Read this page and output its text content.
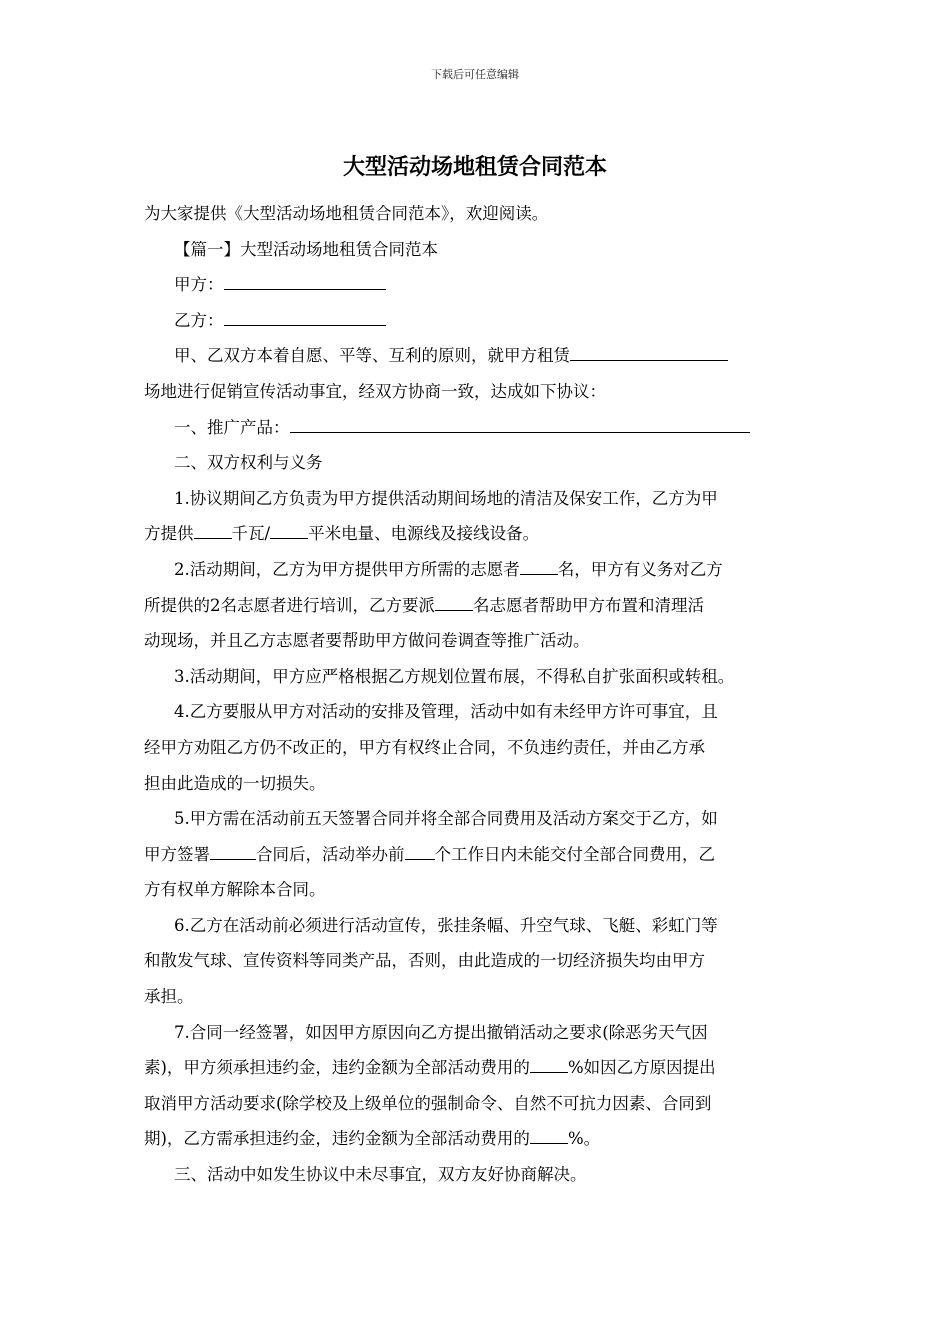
下载后可任意编辑
大型活动场地租赁合同范本

为大家提供《大型活动场地租赁合同范本》，欢迎阅读。

【篇一】大型活动场地租赁合同范本

甲方：

乙方：

甲、乙双方本着自愿、平等、互利的原则，就甲方租赁

场地进行促销宣传活动事宜，经双方协商一致，达成如下协议：

一、推广产品：

二、双方权利与义务

1.协议期间乙方负责为甲方提供活动期间场地的清洁及保安工作，乙方为甲

方提供 千瓦/ 平米电量、电源线及接线设备。

2.活动期间，乙方为甲方提供甲方所需的志愿者 名，甲方有义务对乙方

所提供的2名志愿者进行培训，乙方要派 名志愿者帮助甲方布置和清理活

动现场，并且乙方志愿者要帮助甲方做问卷调查等推广活动。

3.活动期间，甲方应严格根据乙方规划位置布展，不得私自扩张面积或转租。

4.乙方要服从甲方对活动的安排及管理，活动中如有未经甲方许可事宜，且

经甲方劝阻乙方仍不改正的，甲方有权终止合同，不负违约责任，并由乙方承

担由此造成的一切损失。

5.甲方需在活动前五天签署合同并将全部合同费用及活动方案交于乙方，如

甲方签署	合同后，活动举办前 个工作日内未能交付全部合同费用，乙

方有权单方解除本合同。

6.乙方在活动前必须进行活动宣传，张挂条幅、升空气球、飞艇、彩虹门等

和散发气球、宣传资料等同类产品，否则，由此造成的一切经济损失均由甲方

承担。

7.合同一经签署，如因甲方原因向乙方提出撤销活动之要求(除恶劣天气因

素)，甲方须承担违约金，违约金额为全部活动费用的 %如因乙方原因提出

取消甲方活动要求(除学校及上级单位的强制命令、自然不可抗力因素、合同到

期)，乙方需承担违约金，违约金额为全部活动费用的 %。

三、活动中如发生协议中未尽事宜，双方友好协商解决。
